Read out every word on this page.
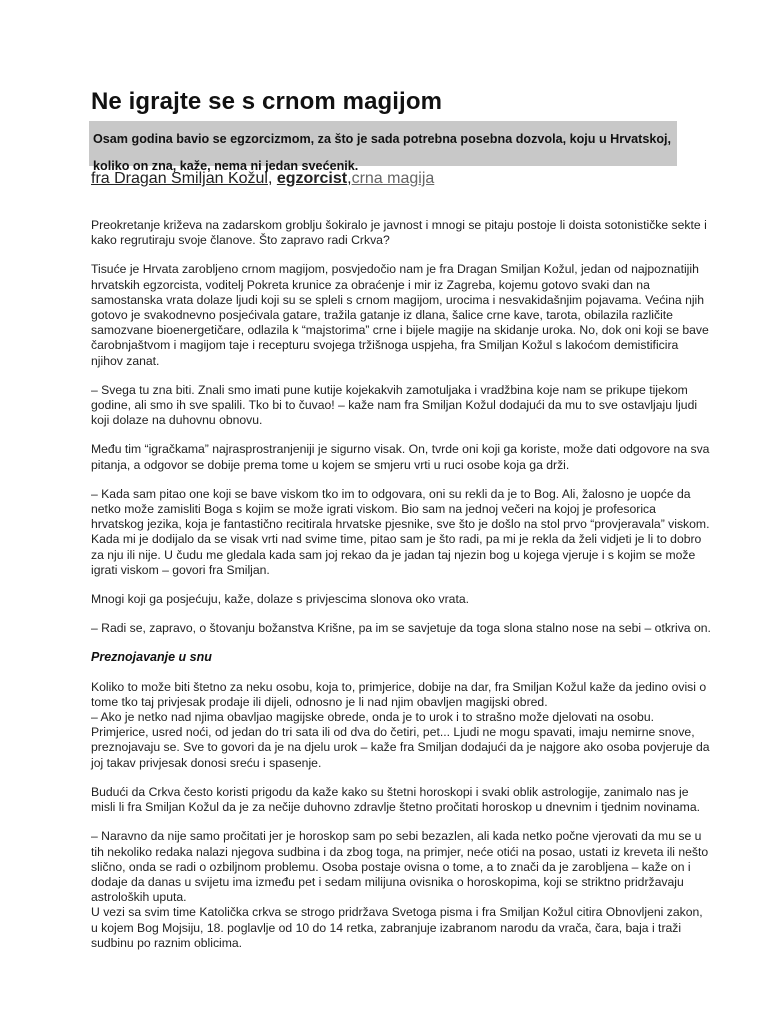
Ne igrajte se s crnom magijom
Osam godina bavio se egzorcizmom, za što je sada potrebna posebna dozvola, koju u Hrvatskoj, koliko on zna, kaže, nema ni jedan svećenik.
fra Dragan Smiljan Kožul, egzorcist,crna magija

Preokretanje križeva na zadarskom groblju šokiralo je javnost i mnogi se pitaju postoje li doista sotonističke sekte i kako regrutiraju svoje članove. Što zapravo radi Crkva?

Tisuće je Hrvata zarobljeno crnom magijom, posvjedočio nam je fra Dragan Smiljan Kožul, jedan od najpoznatijih hrvatskih egzorcista, voditelj Pokreta krunice za obraćenje i mir iz Zagreba, kojemu gotovo svaki dan na samostanska vrata dolaze ljudi koji su se spleli s crnom magijom, urocima i nesvakidašnjim pojavama. Većina njih gotovo je svakodnevno posjećivala gatare, tražila gatanje iz dlana, šalice crne kave, tarota, obilazila različite samozvane bioenergetičare, odlazila k “majstorima” crne i bijele magije na skidanje uroka. No, dok oni koji se bave čarobnjaštvom i magijom taje i recepturu svojega tržišnoga uspjeha, fra Smiljan Kožul s lakoćom demistificira njihov zanat.

– Svega tu zna biti. Znali smo imati pune kutije kojekakvih zamotuljaka i vradžbina koje nam se prikupe tijekom godine, ali smo ih sve spalili. Tko bi to čuvao! – kaže nam fra Smiljan Kožul dodajući da mu to sve ostavljaju ljudi koji dolaze na duhovnu obnovu.

Među tim “igračkama” najrasprostranjeniji je sigurno visak. On, tvrde oni koji ga koriste, može dati odgovore na sva pitanja, a odgovor se dobije prema tome u kojem se smjeru vrti u ruci osobe koja ga drži.

– Kada sam pitao one koji se bave viskom tko im to odgovara, oni su rekli da je to Bog. Ali, žalosno je uopće da netko može zamisliti Boga s kojim se može igrati viskom. Bio sam na jednoj večeri na kojoj je profesorica hrvatskog jezika, koja je fantastično recitirala hrvatske pjesnike, sve što je došlo na stol prvo “provjeravala” viskom. Kada mi je dodijalo da se visak vrti nad svime time, pitao sam je što radi, pa mi je rekla da želi vidjeti je li to dobro za nju ili nije. U čudu me gledala kada sam joj rekao da je jadan taj njezin bog u kojega vjeruje i s kojim se može igrati viskom – govori fra Smiljan.

Mnogi koji ga posjećuju, kaže, dolaze s privjescima slonova oko vrata.

– Radi se, zapravo, o štovanju božanstva Krišne, pa im se savjetuje da toga slona stalno nose na sebi – otkriva on.

Preznojavanje u snu

Koliko to može biti štetno za neku osobu, koja to, primjerice, dobije na dar, fra Smiljan Kožul kaže da jedino ovisi o tome tko taj privjesak prodaje ili dijeli, odnosno je li nad njim obavljen magijski obred.

– Ako je netko nad njima obavljao magijske obrede, onda je to urok i to strašno može djelovati na osobu. Primjerice, usred noći, od jedan do tri sata ili od dva do četiri, pet... Ljudi ne mogu spavati, imaju nemirne snove, preznojavaju se. Sve to govori da je na djelu urok – kaže fra Smiljan dodajući da je najgore ako osoba povjeruje da joj takav privjesak donosi sreću i spasenje.

Budući da Crkva često koristi prigodu da kaže kako su štetni horoskopi i svaki oblik astrologije, zanimalo nas je misli li fra Smiljan Kožul da je za nečije duhovno zdravlje štetno pročitati horoskop u dnevnim i tjednim novinama.

– Naravno da nije samo pročitati jer je horoskop sam po sebi bezazlen, ali kada netko počne vjerovati da mu se u tih nekoliko redaka nalazi njegova sudbina i da zbog toga, na primjer, neće otići na posao, ustati iz kreveta ili nešto slično, onda se radi o ozbiljnom problemu. Osoba postaje ovisna o tome, a to znači da je zarobljena – kaže on i dodaje da danas u svijetu ima između pet i sedam milijuna ovisnika o horoskopima, koji se striktno pridržavaju astroloških uputa.

U vezi sa svim time Katolička crkva se strogo pridržava Svetoga pisma i fra Smiljan Kožul citira Obnovljeni zakon, u kojem Bog Mojsiju, 18. poglavlje od 10 do 14 retka, zabranjuje izabranom narodu da vrača, čara, baja i traži sudbinu po raznim oblicima.
